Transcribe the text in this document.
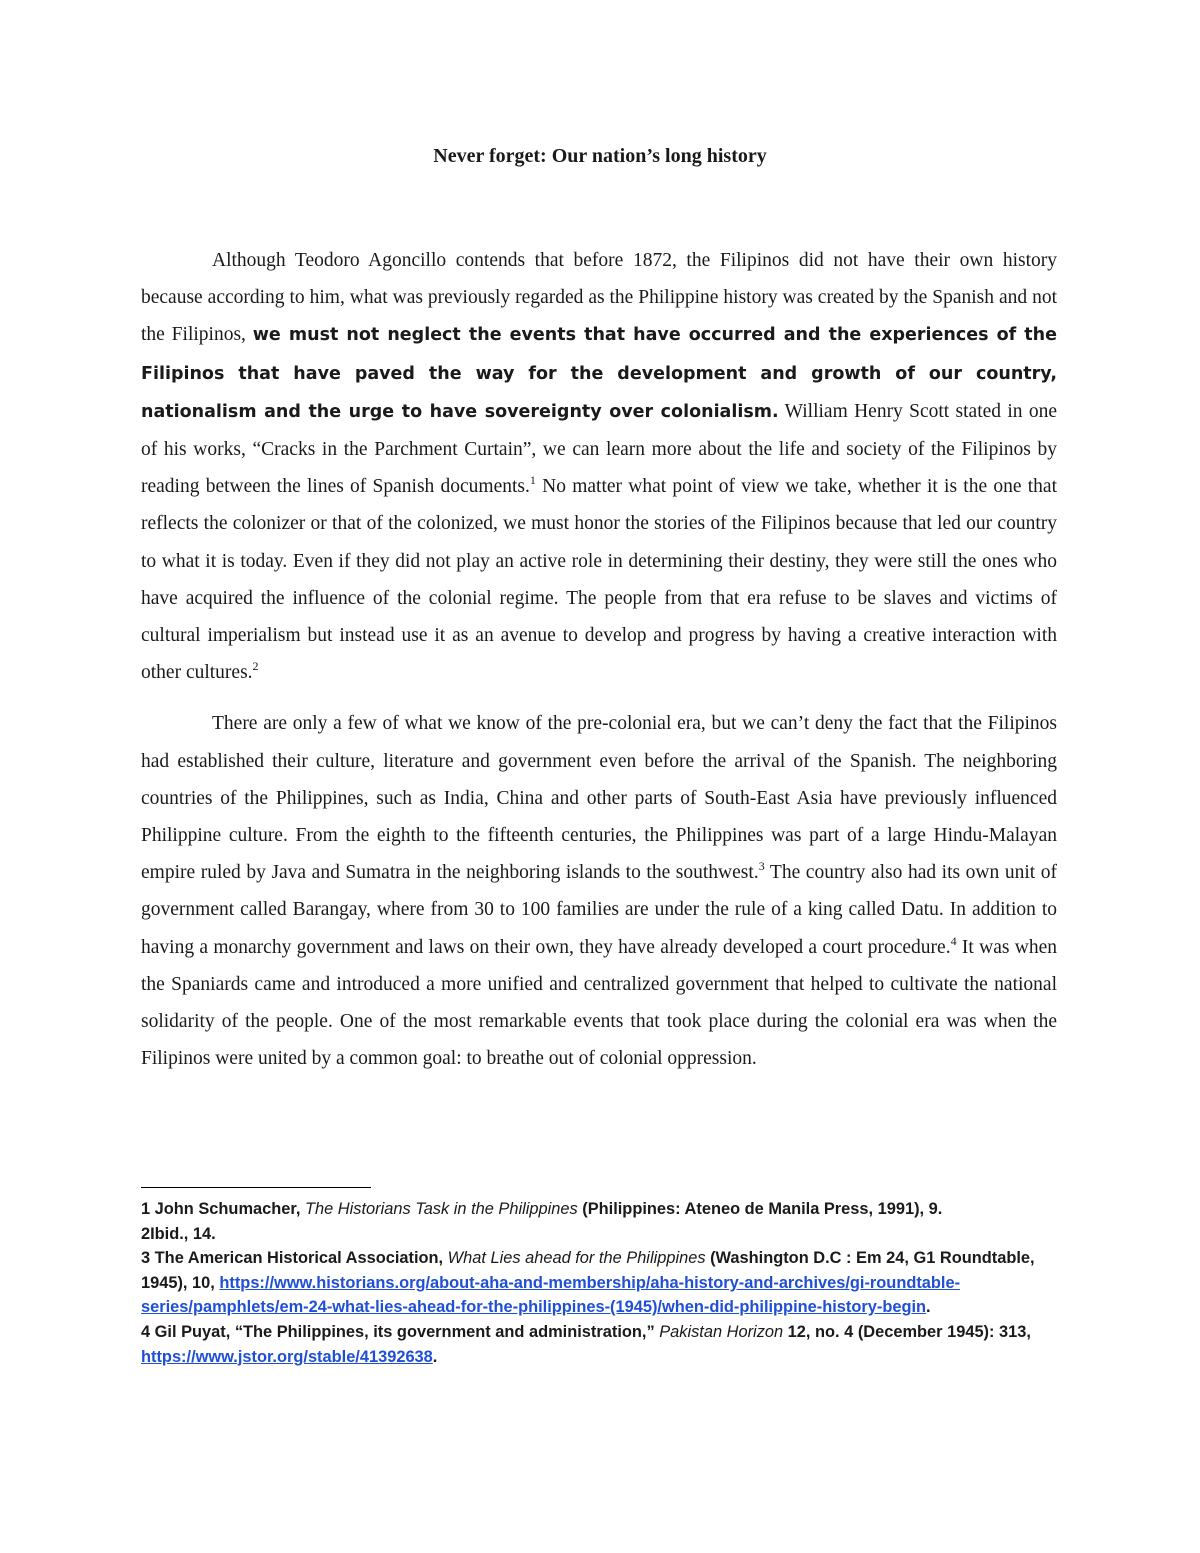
Never forget: Our nation’s long history

Although Teodoro Agoncillo contends that before 1872, the Filipinos did not have their own history because according to him, what was previously regarded as the Philippine history was created by the Spanish and not the Filipinos, we must not neglect the events that have occurred and the experiences of the Filipinos that have paved the way for the development and growth of our country, nationalism and the urge to have sovereignty over colonialism. William Henry Scott stated in one of his works, “Cracks in the Parchment Curtain”, we can learn more about the life and society of the Filipinos by reading between the lines of Spanish documents.$^1$ No matter what point of view we take, whether it is the one that reflects the colonizer or that of the colonized, we must honor the stories of the Filipinos because that led our country to what it is today. Even if they did not play an active role in determining their destiny, they were still the ones who have acquired the influence of the colonial regime. The people from that era refuse to be slaves and victims of cultural imperialism but instead use it as an avenue to develop and progress by having a creative interaction with other cultures.$^2$

There are only a few of what we know of the pre-colonial era, but we can’t deny the fact that the Filipinos had established their culture, literature and government even before the arrival of the Spanish. The neighboring countries of the Philippines, such as India, China and other parts of South-East Asia have previously influenced Philippine culture. From the eighth to the fifteenth centuries, the Philippines was part of a large Hindu-Malayan empire ruled by Java and Sumatra in the neighboring islands to the southwest.$^3$ The country also had its own unit of government called Barangay, where from 30 to 100 families are under the rule of a king called Datu. In addition to having a monarchy government and laws on their own, they have already developed a court procedure.$^4$ It was when the Spaniards came and introduced a more unified and centralized government that helped to cultivate the national solidarity of the people. One of the most remarkable events that took place during the colonial era was when the Filipinos were united by a common goal: to breathe out of colonial oppression.

1 John Schumacher, The Historians Task in the Philippines (Philippines: Ateneo de Manila Press, 1991), 9.
2Ibid., 14.
3 The American Historical Association, What Lies ahead for the Philippines (Washington D.C : Em 24, G1 Roundtable, 1945), 10, https://www.historians.org/about-aha-and-membership/aha-history-and-archives/gi-roundtable-series/pamphlets/em-24-what-lies-ahead-for-the-philippines-(1945)/when-did-philippine-history-begin.
4 Gil Puyat, “The Philippines, its government and administration,” Pakistan Horizon 12, no. 4 (December 1945): 313, https://www.jstor.org/stable/41392638.
